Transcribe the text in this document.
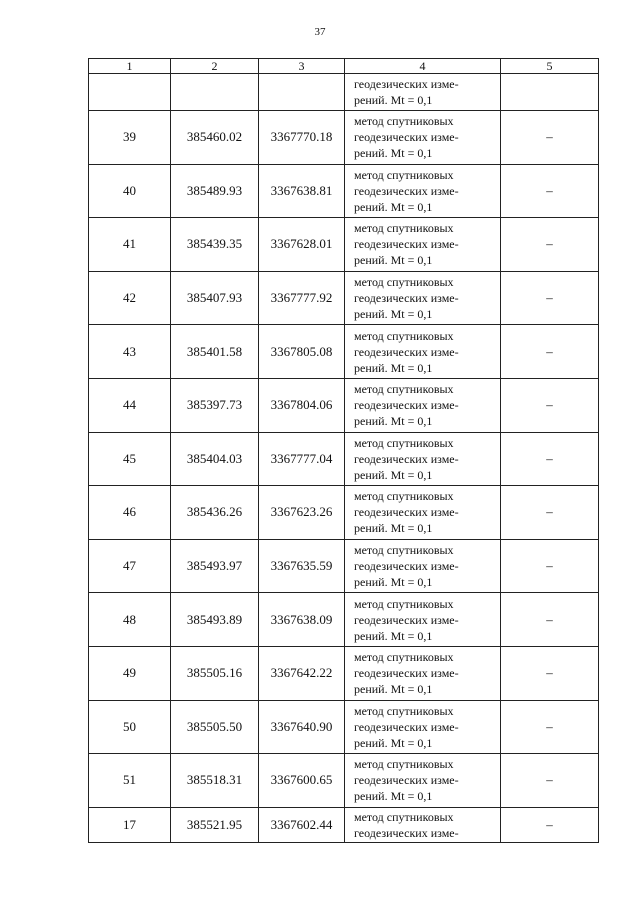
37
1	2	3	4	5

			геодезических изме-
рений. Mt = 0,1	

39	385460.02	3367770.18	метод спутниковых
геодезических изме-
рений. Mt = 0,1	–
40	385489.93	3367638.81	метод спутниковых
геодезических изме-
рений. Mt = 0,1	–
41	385439.35	3367628.01	метод спутниковых
геодезических изме-
рений. Mt = 0,1	–
42	385407.93	3367777.92	метод спутниковых
геодезических изме-
рений. Mt = 0,1	–
43	385401.58	3367805.08	метод спутниковых
геодезических изме-
рений. Mt = 0,1	–
44	385397.73	3367804.06	метод спутниковых
геодезических изме-
рений. Mt = 0,1	–
45	385404.03	3367777.04	метод спутниковых
геодезических изме-
рений. Mt = 0,1	–
46	385436.26	3367623.26	метод спутниковых
геодезических изме-
рений. Mt = 0,1	–
47	385493.97	3367635.59	метод спутниковых
геодезических изме-
рений. Mt = 0,1	–
48	385493.89	3367638.09	метод спутниковых
геодезических изме-
рений. Mt = 0,1	–
49	385505.16	3367642.22	метод спутниковых
геодезических изме-
рений. Mt = 0,1	–
50	385505.50	3367640.90	метод спутниковых
геодезических изме-
рений. Mt = 0,1	–
51	385518.31	3367600.65	метод спутниковых
геодезических изме-
рений. Mt = 0,1	–
17	385521.95	3367602.44	метод спутниковых
геодезических изме-	–
